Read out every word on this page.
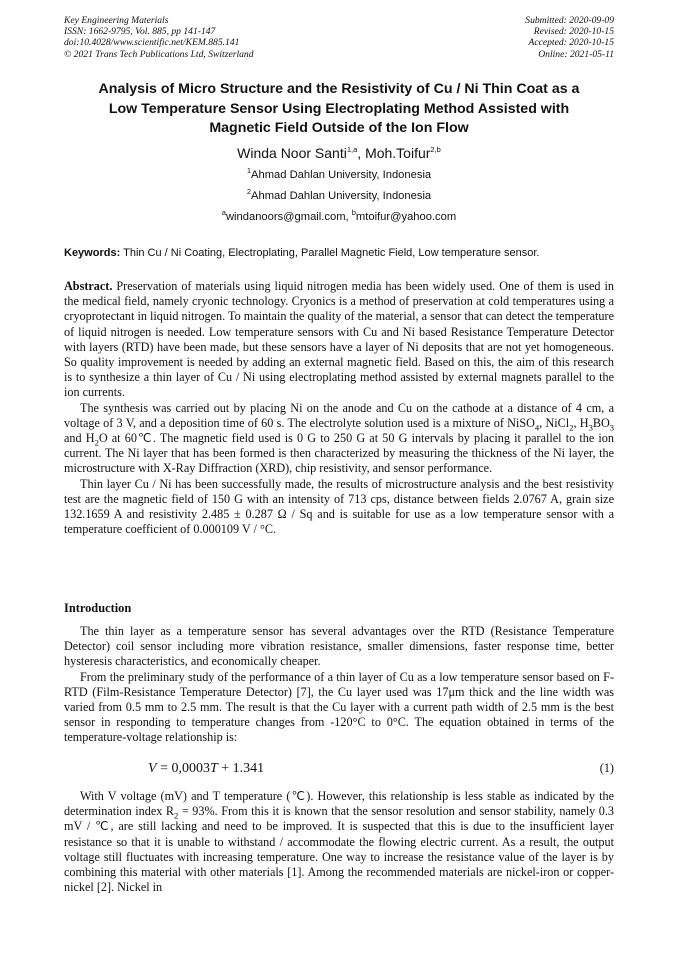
Key Engineering Materials
ISSN: 1662-9795, Vol. 885, pp 141-147
doi:10.4028/www.scientific.net/KEM.885.141
© 2021 Trans Tech Publications Ltd, Switzerland
Submitted: 2020-09-09
Revised: 2020-10-15
Accepted: 2020-10-15
Online: 2021-05-11
Analysis of Micro Structure and the Resistivity of Cu / Ni Thin Coat as a
Low Temperature Sensor Using Electroplating Method Assisted with
Magnetic Field Outside of the Ion Flow
Winda Noor Santi$^{1,a}$, Moh.Toifur$^{2,b}$
$^1$Ahmad Dahlan University, Indonesia
$^2$Ahmad Dahlan University, Indonesia
$^a$windanoors@gmail.com, $^b$mtoifur@yahoo.com
Keywords: Thin Cu / Ni Coating, Electroplating, Parallel Magnetic Field, Low temperature sensor.

Abstract. Preservation of materials using liquid nitrogen media has been widely used. One of them is used in the medical field, namely cryonic technology. Cryonics is a method of preservation at cold temperatures using a cryoprotectant in liquid nitrogen. To maintain the quality of the material, a sensor that can detect the temperature of liquid nitrogen is needed. Low temperature sensors with Cu and Ni based Resistance Temperature Detector with layers (RTD) have been made, but these sensors have a layer of Ni deposits that are not yet homogeneous. So quality improvement is needed by adding an external magnetic field. Based on this, the aim of this research is to synthesize a thin layer of Cu / Ni using electroplating method assisted by external magnets parallel to the ion currents.

The synthesis was carried out by placing Ni on the anode and Cu on the cathode at a distance of 4 cm, a voltage of 3 V, and a deposition time of 60 s. The electrolyte solution used is a mixture of NiSO$_4$, NiCl$_2$, $H_3BO_3$ and $H_2O$ at 60℃. The magnetic field used is 0 G to 250 G at 50 G intervals by placing it parallel to the ion current. The Ni layer that has been formed is then characterized by measuring the thickness of the Ni layer, the microstructure with X-Ray Diffraction (XRD), chip resistivity, and sensor performance.

Thin layer Cu / Ni has been successfully made, the results of microstructure analysis and the best resistivity test are the magnetic field of 150 G with an intensity of 713 cps, distance between fields 2.0767 A, grain size 132.1659 A and resistivity 2.485 ± 0.287 Ω / Sq and is suitable for use as a low temperature sensor with a temperature coefficient of 0.000109 V / °C.

Introduction

The thin layer as a temperature sensor has several advantages over the RTD (Resistance Temperature Detector) coil sensor including more vibration resistance, smaller dimensions, faster response time, better hysteresis characteristics, and economically cheaper.

From the preliminary study of the performance of a thin layer of Cu as a low temperature sensor based on F-RTD (Film-Resistance Temperature Detector) [7], the Cu layer used was 17μm thick and the line width was varied from 0.5 mm to 2.5 mm. The result is that the Cu layer with a current path width of 2.5 mm is the best sensor in responding to temperature changes from -120°C to 0°C. The equation obtained in terms of the temperature-voltage relationship is:

V = 0,0003T + 1.341	(1)

With V voltage (mV) and T temperature (℃). However, this relationship is less stable as indicated by the determination index $R_2 = 93\%$. From this it is known that the sensor resolution and sensor stability, namely 0.3 mV / ℃, are still lacking and need to be improved. It is suspected that this is due to the insufficient layer resistance so that it is unable to withstand / accommodate the flowing electric current. As a result, the output voltage still fluctuates with increasing temperature. One way to increase the resistance value of the layer is by combining this material with other materials [1]. Among the recommended materials are nickel-iron or copper-nickel [2]. Nickel in
